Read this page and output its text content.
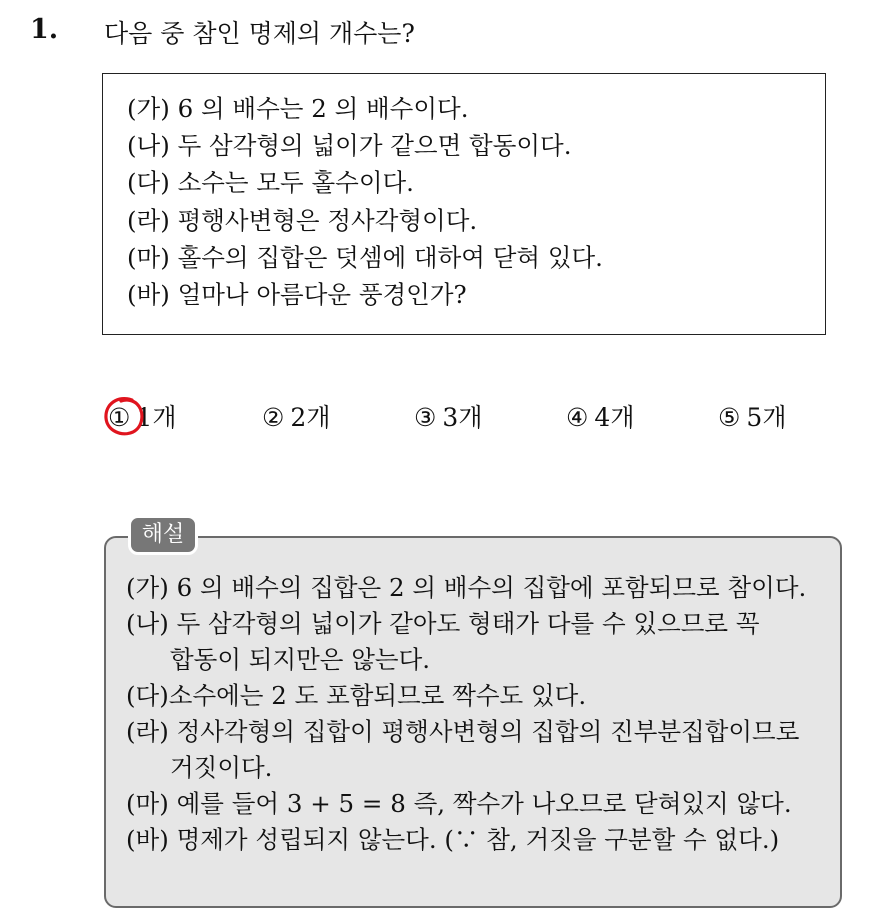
1. 다음 중 참인 명제의 개수는?
(가) 6 의 배수는 2 의 배수이다.
(나) 두 삼각형의 넓이가 같으면 합동이다.
(다) 소수는 모두 홀수이다.
(라) 평행사변형은 정사각형이다.
(마) 홀수의 집합은 덧셈에 대하여 닫혀 있다.
(바) 얼마나 아름다운 풍경인가?
① 1개	② 2개	③ 3개	④ 4개	⑤ 5개
해설
(가) 6 의 배수의 집합은 2 의 배수의 집합에 포함되므로 참이다.
(나) 두 삼각형의 넓이가 같아도 형태가 다를 수 있으므로 꼭
합동이 되지만은 않는다.
(다)소수에는 2 도 포함되므로 짝수도 있다.
(라) 정사각형의 집합이 평행사변형의 집합의 진부분집합이므로
거짓이다.
(마) 예를 들어 3 + 5 = 8 즉, 짝수가 나오므로 닫혀있지 않다.
(바) 명제가 성립되지 않는다. (∵ 참, 거짓을 구분할 수 없다.)
